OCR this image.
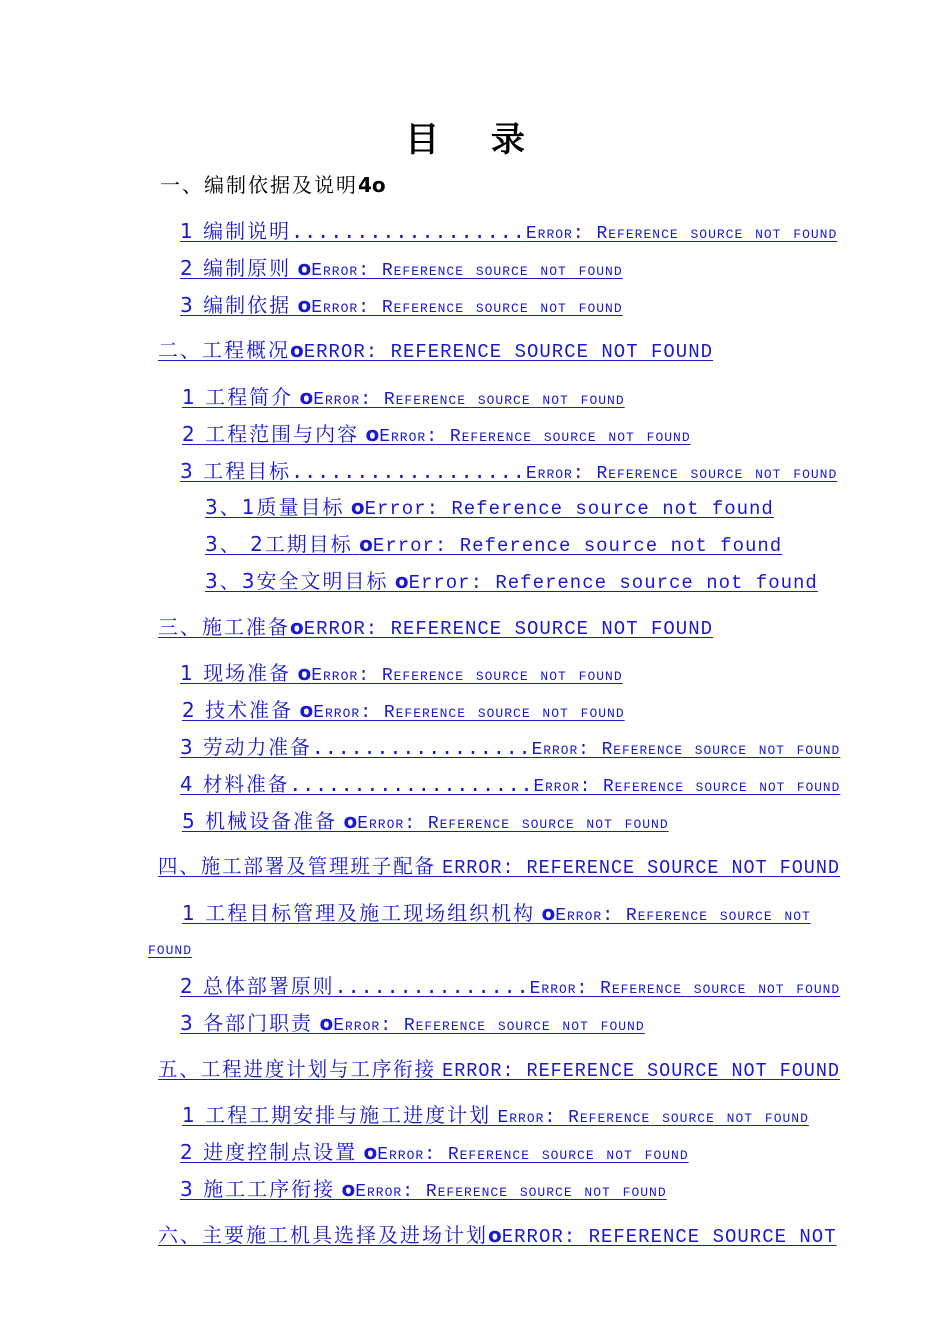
目 录
一、编制依据及说明4o
1 编制说明..................Error: Reference source not found
2 编制原则 oError: Reference source not found
3 编制依据 oError: Reference source not found
二、工程概况oERROR: REFERENCE SOURCE NOT FOUND
1 工程简介 oError: Reference source not found
2 工程范围与内容 oError: Reference source not found
3 工程目标..................Error: Reference source not found
3、1质量目标 oError: Reference source not found
3、 2工期目标 oError: Reference source not found
3、3安全文明目标 oError: Reference source not found
三、施工准备oERROR: REFERENCE SOURCE NOT FOUND
1 现场准备 oError: Reference source not found
2 技术准备 oError: Reference source not found
3 劳动力准备.................Error: Reference source not found
4 材料准备...................Error: Reference source not found
5 机械设备准备 oError: Reference source not found
四、施工部署及管理班子配备 ERROR: REFERENCE SOURCE NOT FOUND
1 工程目标管理及施工现场组织机构 oError: Reference source not
found
2 总体部署原则...............Error: Reference source not found
3 各部门职责 oError: Reference source not found
五、工程进度计划与工序衔接 ERROR: REFERENCE SOURCE NOT FOUND
1 工程工期安排与施工进度计划 Error: Reference source not found
2 进度控制点设置 oError: Reference source not found
3 施工工序衔接 oError: Reference source not found
六、主要施工机具选择及进场计划oERROR: REFERENCE SOURCE NOT
